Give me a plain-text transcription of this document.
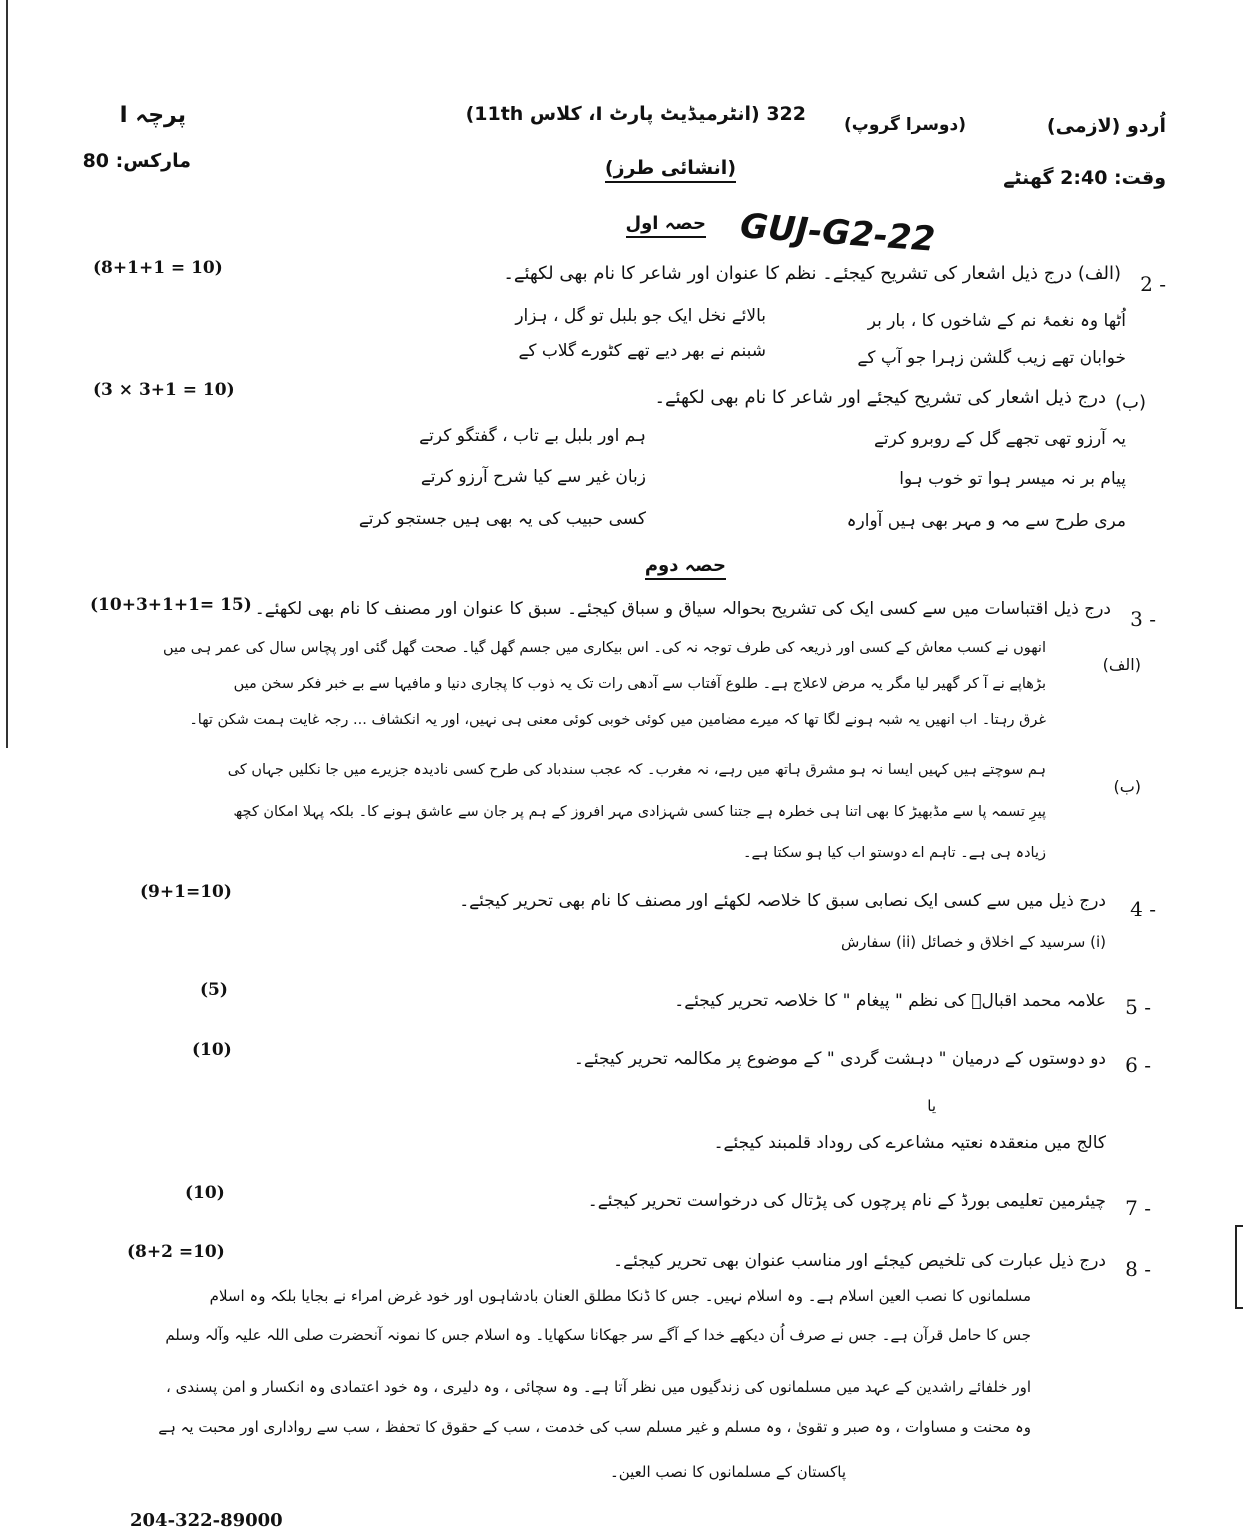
پرچہ I	322 (انٹرمیڈیٹ پارٹ I، کلاس 11th) (دوسرا گروپ)	اُردو (لازمی)
مارکس: 80	(انشائی طرز)	وقت: 2:40 گھنٹے
حصہ اول GUJ-G2-22
(8+1+1 = 10)
2 -
(الف) درج ذیل اشعار کی تشریح کیجئے۔ نظم کا عنوان اور شاعر کا نام بھی لکھئے۔
بالائے نخل ایک جو بلبل تو گل ، ہزار	اُٹھا وہ نغمۂ نم کے شاخوں کا ، بار بر
شبنم نے بھر دیے تھے کٹورے گلاب کے	خوابان تھے زیب گلشن زہرا جو آپ کے
(3 × 3+1 = 10)
(ب)
درج ذیل اشعار کی تشریح کیجئے اور شاعر کا نام بھی لکھئے۔
ہم اور بلبل بے تاب ، گفتگو کرتے	یہ آرزو تھی تجھے گل کے روبرو کرتے
زبان غیر سے کیا شرح آرزو کرتے	پیام بر نہ میسر ہوا تو خوب ہوا
کسی حبیب کی یہ بھی ہیں جستجو کرتے	مری طرح سے مہ و مہر بھی ہیں آوارہ
حصہ دوم
(10+3+1+1= 15)
3 -
درج ذیل اقتباسات میں سے کسی ایک کی تشریح بحوالہ سیاق و سباق کیجئے۔ سبق کا عنوان اور مصنف کا نام بھی لکھئے۔
(الف)
انھوں نے کسب معاش کے کسی اور ذریعہ کی طرف توجہ نہ کی۔ اس بیکاری میں جسم گھل گیا۔ صحت گھل گئی اور پچاس سال کی عمر ہی میں
بڑھاپے نے آ کر گھیر لیا مگر یہ مرض لاعلاج ہے۔ طلوع آفتاب سے آدھی رات تک یہ ذوب کا پجاری دنیا و مافیہا سے بے خبر فکر سخن میں
غرق رہتا۔ اب انھیں یہ شبہ ہونے لگا تھا کہ میرے مضامین میں کوئی خوبی کوئی معنی ہی نہیں، اور یہ انکشاف ... رجہ غایت ہمت شکن تھا۔
(ب)
ہم سوچتے ہیں کہیں ایسا نہ ہو مشرق ہاتھ میں رہے، نہ مغرب۔ کہ عجب سندباد کی طرح کسی نادیدہ جزیرے میں جا نکلیں جہاں کی
پیرِ تسمہ پا سے مڈبھیڑ کا بھی اتنا ہی خطرہ ہے جتنا کسی شہزادی مہر افروز کے ہم پر جان سے عاشق ہونے کا۔ بلکہ پہلا امکان کچھ
زیادہ ہی ہے۔ تاہم اے دوستو اب کیا ہو سکتا ہے۔
(9+1=10)
4 -
درج ذیل میں سے کسی ایک نصابی سبق کا خلاصہ لکھئے اور مصنف کا نام بھی تحریر کیجئے۔
(i) سرسید کے اخلاق و خصائل (ii) سفارش
(5)
5 -
علامہ محمد اقبالؒ کی نظم " پیغام " کا خلاصہ تحریر کیجئے۔
(10)
6 -
دو دوستوں کے درمیان " دہشت گردی " کے موضوع پر مکالمہ تحریر کیجئے۔
یا
کالج میں منعقدہ نعتیہ مشاعرے کی روداد قلمبند کیجئے۔
(10)
7 -
چیئرمین تعلیمی بورڈ کے نام پرچوں کی پڑتال کی درخواست تحریر کیجئے۔
(8+2 =10)
8 -
درج ذیل عبارت کی تلخیص کیجئے اور مناسب عنوان بھی تحریر کیجئے۔
مسلمانوں کا نصب العین اسلام ہے۔ وہ اسلام نہیں۔ جس کا ڈنکا مطلق العنان بادشاہوں اور خود غرض امراء نے بجایا بلکہ وہ اسلام
جس کا حامل قرآن ہے۔ جس نے صرف اُن دیکھے خدا کے آگے سر جھکانا سکھایا۔ وہ اسلام جس کا نمونہ آنحضرت صلی اللہ علیہ وآلہ وسلم
اور خلفائے راشدین کے عہد میں مسلمانوں کی زندگیوں میں نظر آتا ہے۔ وہ سچائی ، وہ دلیری ، وہ خود اعتمادی وہ انکسار و امن پسندی ،
وہ محنت و مساوات ، وہ صبر و تقویٰ ، وہ مسلم و غیر مسلم سب کی خدمت ، سب کے حقوق کا تحفظ ، سب سے رواداری اور محبت یہ ہے
پاکستان کے مسلمانوں کا نصب العین۔
204-322-89000
